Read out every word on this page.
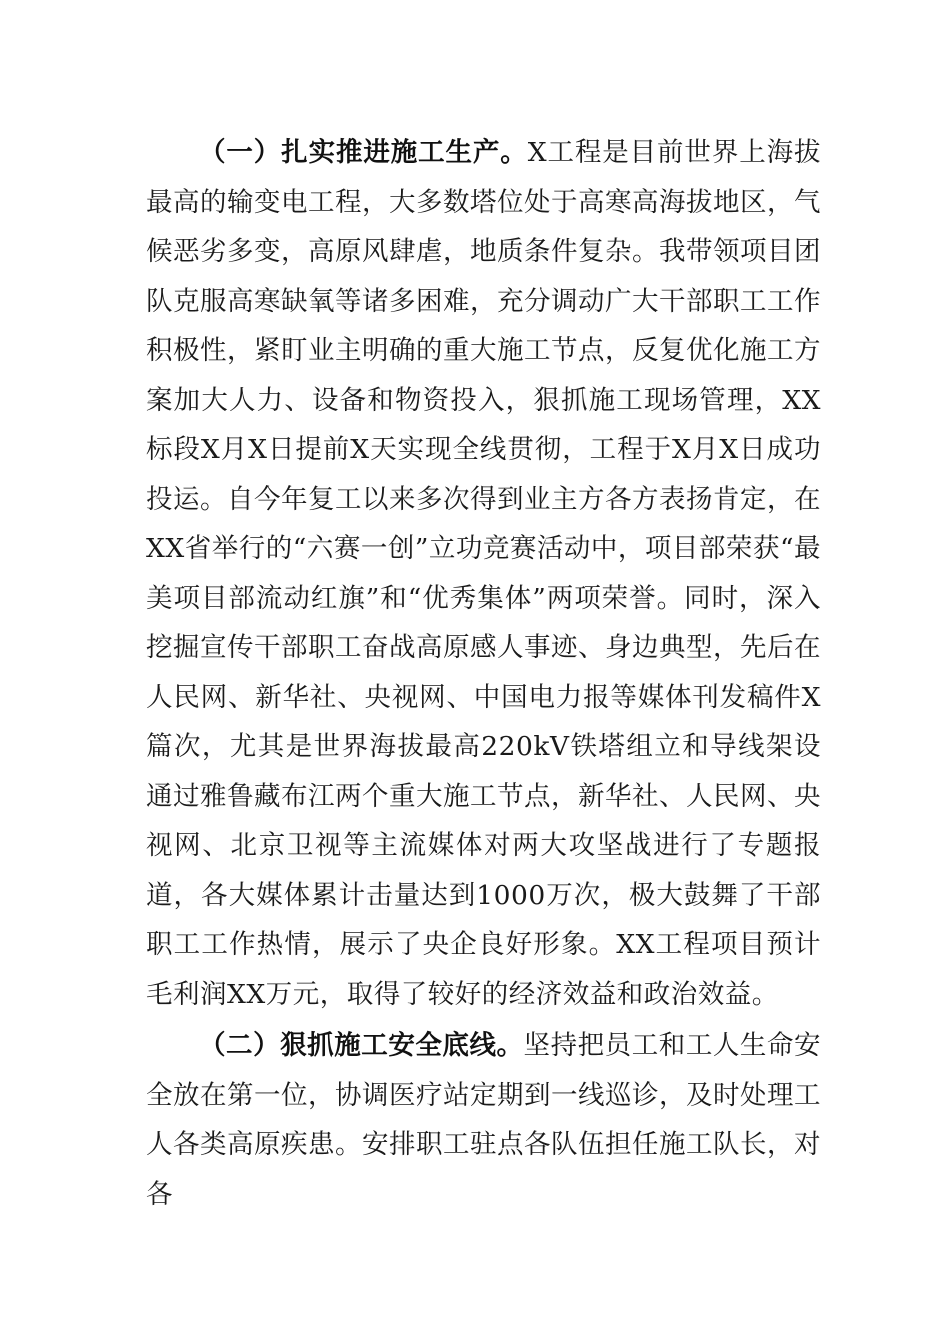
（一）扎实推进施工生产。X工程是目前世界上海拔最高的输变电工程，大多数塔位处于高寒高海拔地区，气候恶劣多变，高原风肆虐，地质条件复杂。我带领项目团队克服高寒缺氧等诸多困难，充分调动广大干部职工工作积极性，紧盯业主明确的重大施工节点，反复优化施工方案加大人力、设备和物资投入，狠抓施工现场管理，XX标段X月X日提前X天实现全线贯彻，工程于X月X日成功投运。自今年复工以来多次得到业主方各方表扬肯定，在XX省举行的“六赛一创”立功竞赛活动中，项目部荣获“最美项目部流动红旗”和“优秀集体”两项荣誉。同时，深入挖掘宣传干部职工奋战高原感人事迹、身边典型，先后在人民网、新华社、央视网、中国电力报等媒体刊发稿件X篇次，尤其是世界海拔最高220kV铁塔组立和导线架设通过雅鲁藏布江两个重大施工节点，新华社、人民网、央视网、北京卫视等主流媒体对两大攻坚战进行了专题报道，各大媒体累计击量达到1000万次，极大鼓舞了干部职工工作热情，展示了央企良好形象。XX工程项目预计毛利润XX万元，取得了较好的经济效益和政治效益。

（二）狠抓施工安全底线。坚持把员工和工人生命安全放在第一位，协调医疗站定期到一线巡诊，及时处理工人各类高原疾患。安排职工驻点各队伍担任施工队长，对各
